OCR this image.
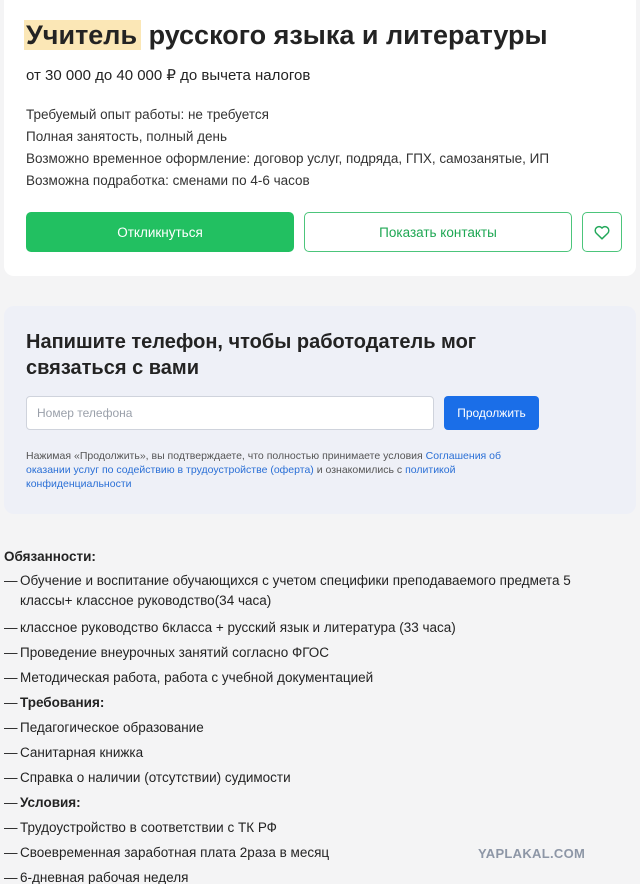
Учитель русского языка и литературы
от 30 000 до 40 000 ₽ до вычета налогов
Требуемый опыт работы: не требуется
Полная занятость, полный день
Возможно временное оформление: договор услуг, подряда, ГПХ, самозанятые, ИП
Возможна подработка: сменами по 4-6 часов
Откликнуться	Показать контакты
Напишите телефон, чтобы работодатель мог связаться с вами
Номер телефона
Продолжить
Нажимая «Продолжить», вы подтверждаете, что полностью принимаете условия Соглашения об оказании услуг по содействию в трудоустройстве (оферта) и ознакомились с политикой конфиденциальности
Обязанности:
— Обучение и воспитание обучающихся с учетом специфики преподаваемого предмета 5 классы+ классное руководство(34 часа)
— классное руководство 6класса + русский язык и литература (33 часа)
— Проведение внеурочных занятий согласно ФГОС
— Методическая работа, работа с учебной документацией
— Требования:
— Педагогическое образование
— Санитарная книжка
— Справка о наличии (отсутствии) судимости
— Условия:
— Трудоустройство в соответствии с ТК РФ
— Своевременная заработная плата 2раза в месяц
— 6-дневная рабочая неделя
YAPLAKAL.COM
